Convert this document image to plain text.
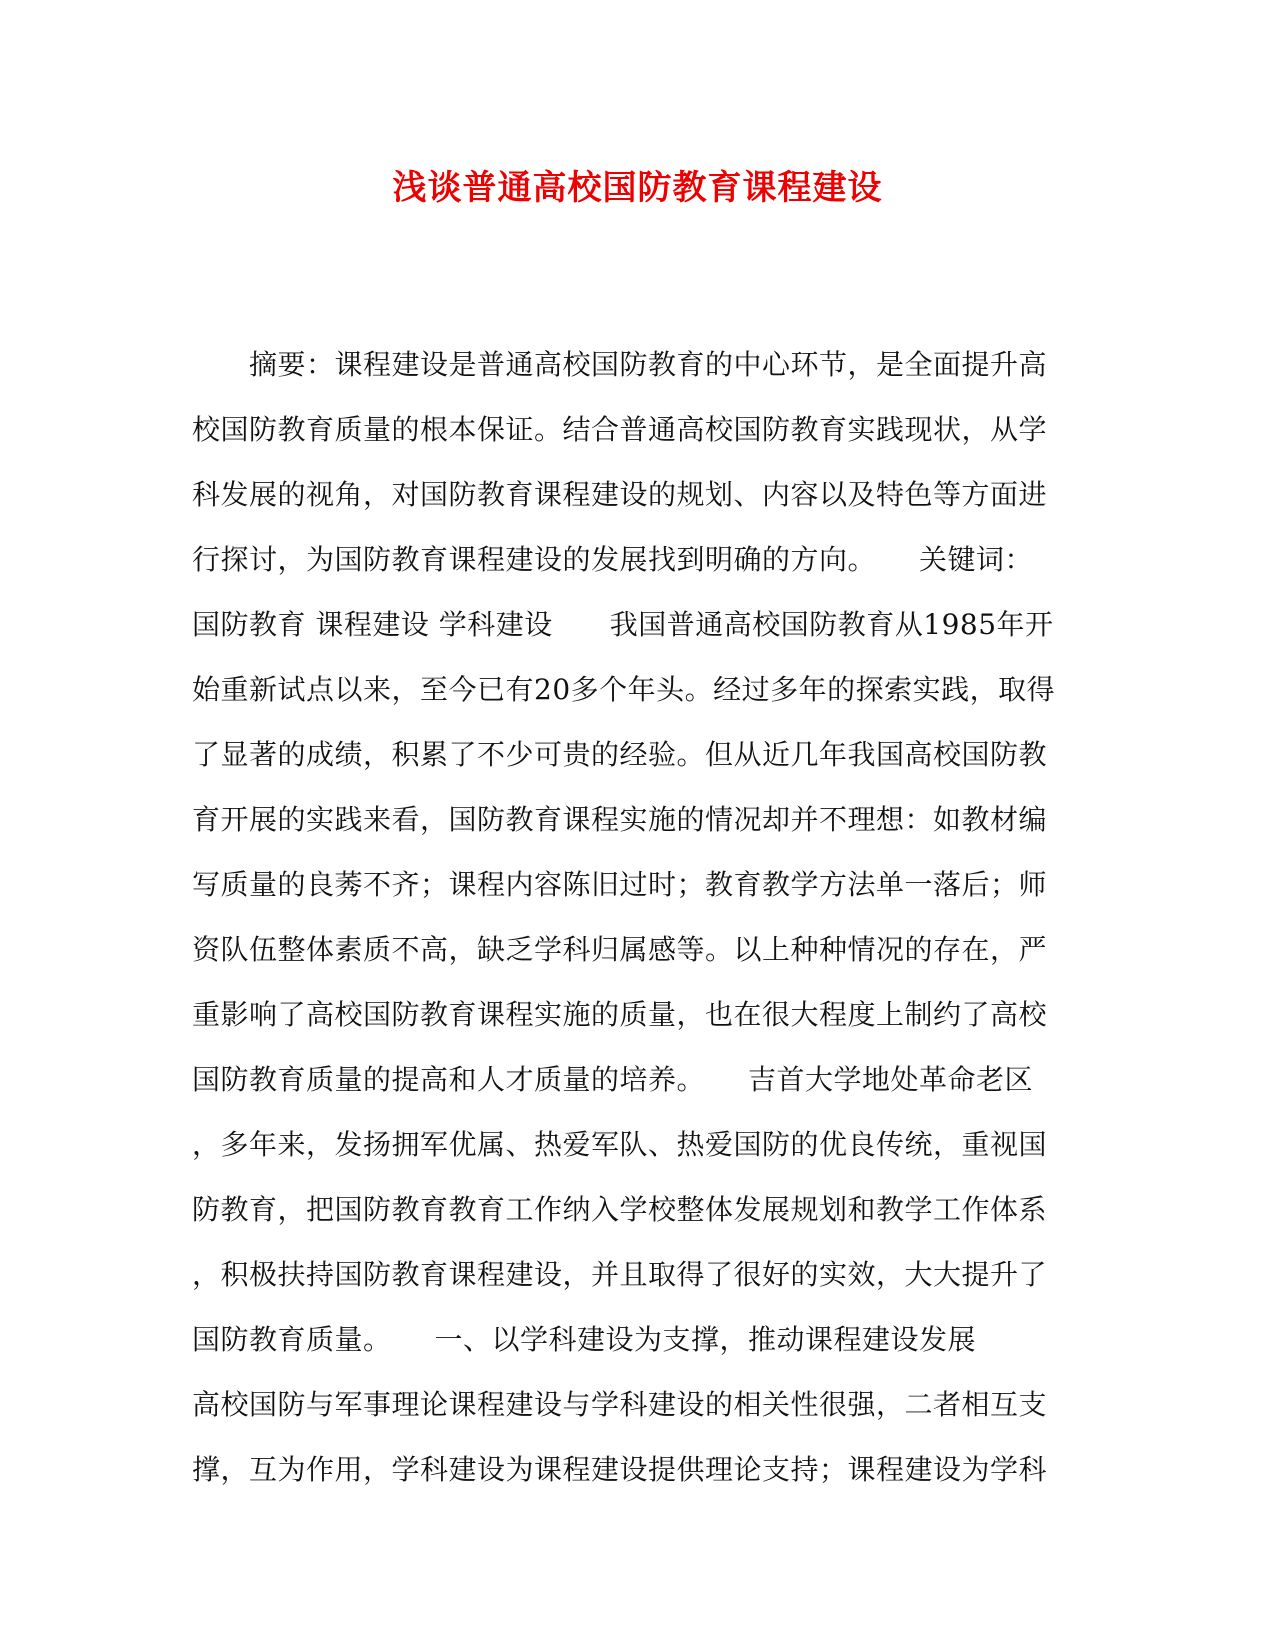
浅谈普通高校国防教育课程建设
　　摘要：课程建设是普通高校国防教育的中心环节，是全面提升高
校国防教育质量的根本保证。结合普通高校国防教育实践现状，从学
科发展的视角，对国防教育课程建设的规划、内容以及特色等方面进
行探讨，为国防教育课程建设的发展找到明确的方向。　　关键词：
国防教育 课程建设 学科建设　　我国普通高校国防教育从1985年开
始重新试点以来，至今已有20多个年头。经过多年的探索实践，取得
了显著的成绩，积累了不少可贵的经验。但从近几年我国高校国防教
育开展的实践来看，国防教育课程实施的情况却并不理想：如教材编
写质量的良莠不齐；课程内容陈旧过时；教育教学方法单一落后；师
资队伍整体素质不高，缺乏学科归属感等。以上种种情况的存在，严
重影响了高校国防教育课程实施的质量，也在很大程度上制约了高校
国防教育质量的提高和人才质量的培养。　　吉首大学地处革命老区
，多年来，发扬拥军优属、热爱军队、热爱国防的优良传统，重视国
防教育，把国防教育教育工作纳入学校整体发展规划和教学工作体系
，积极扶持国防教育课程建设，并且取得了很好的实效，大大提升了
国防教育质量。　　一、以学科建设为支撑，推动课程建设发展
高校国防与军事理论课程建设与学科建设的相关性很强，二者相互支
撑，互为作用，学科建设为课程建设提供理论支持；课程建设为学科
